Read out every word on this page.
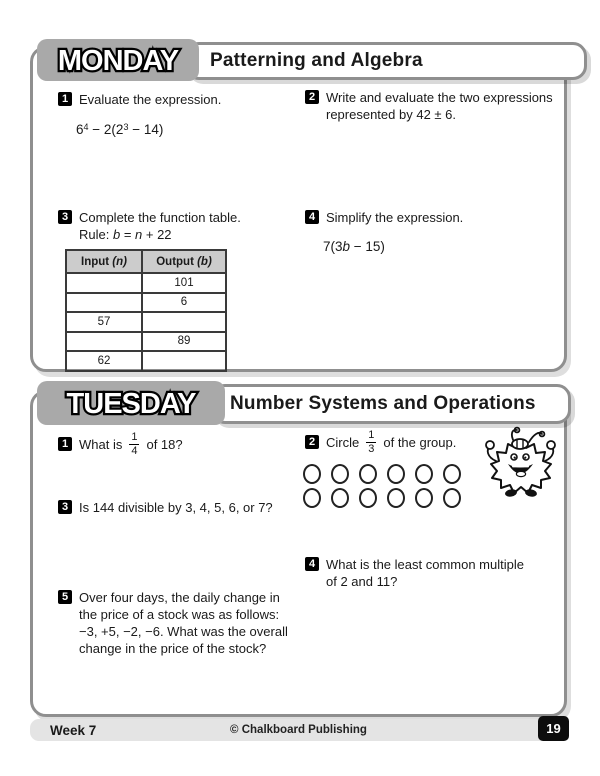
MONDAY Patterning and Algebra
1 Evaluate the expression.
$6^4 - 2(2^3 - 14)$
2 Write and evaluate the two expressions
represented by 42 ± 6.
3 Complete the function table.
Rule: b = n + 22
Input (n)	Output (b)
	101
	6
57	
	89
62	
4 Simplify the expression.
7(3b − 15)
TUESDAY Number Systems and Operations
1 What is $\frac{1}{4}$ of 18?	2 Circle $\frac{1}{3}$ of the group.
3 Is 144 divisible by 3, 4, 5, 6, or 7?
4 What is the least common multiple
of 2 and 11?
5 Over four days, the daily change in
the price of a stock was as follows:
−3, +5, −2, −6. What was the overall
change in the price of the stock?
Week 7	© Chalkboard Publishing	19
